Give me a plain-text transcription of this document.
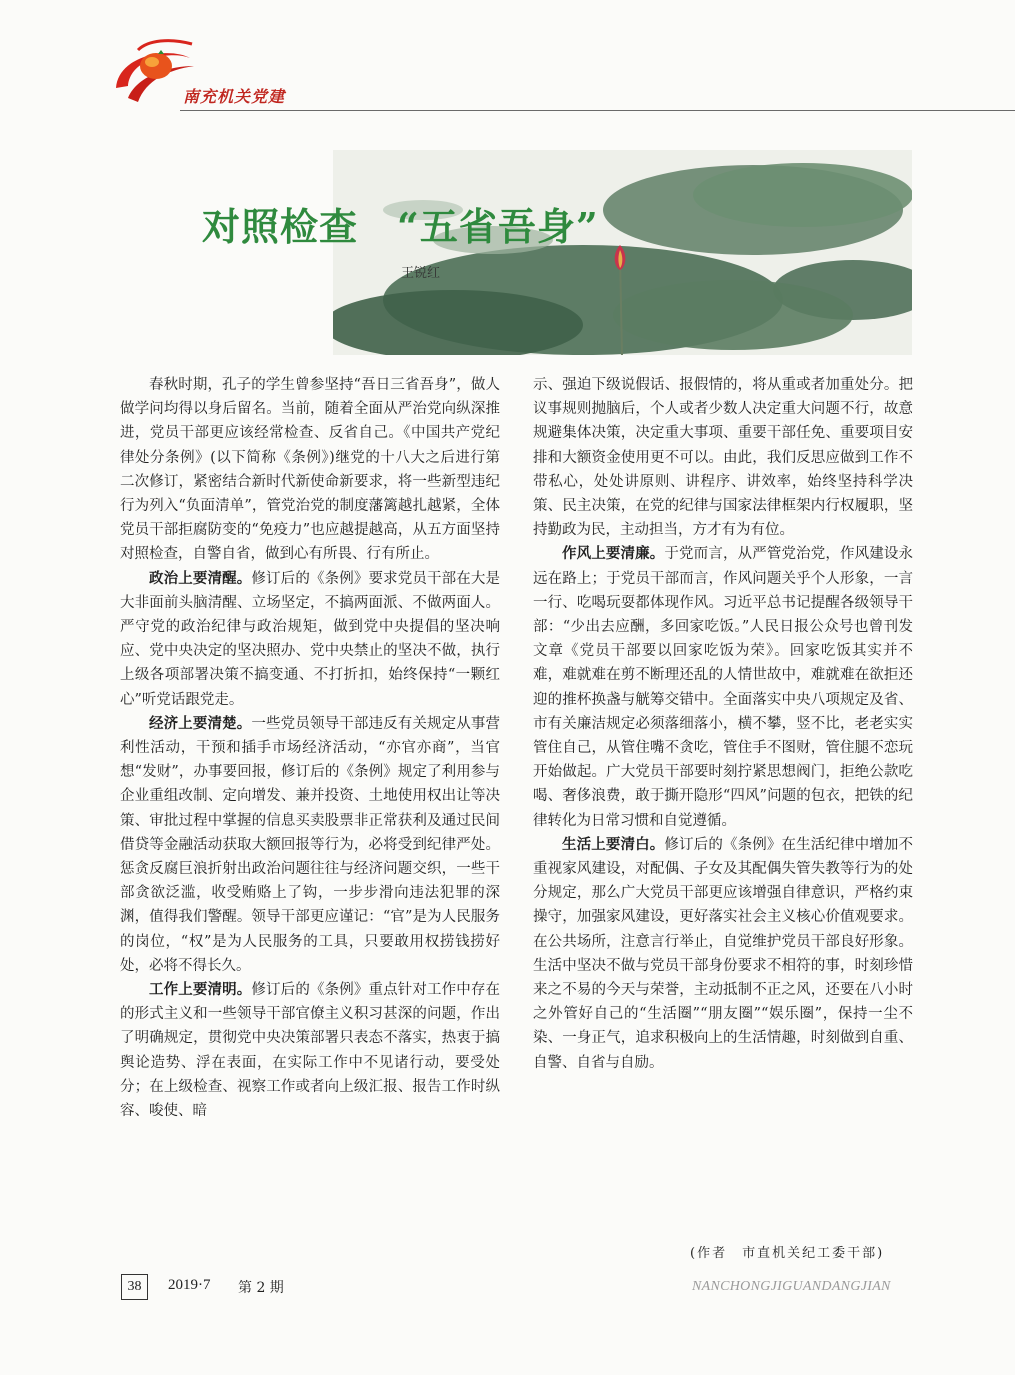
南充机关党建
对照检查　“五省吾身”
王锐红

春秋时期，孔子的学生曾参坚持“吾日三省吾身”，做人做学问均得以身后留名。当前，随着全面从严治党向纵深推进，党员干部更应该经常检查、反省自己。《中国共产党纪律处分条例》(以下简称《条例》)继党的十八大之后进行第二次修订，紧密结合新时代新使命新要求，将一些新型违纪行为列入“负面清单”，管党治党的制度藩篱越扎越紧，全体党员干部拒腐防变的“免疫力”也应越提越高，从五方面坚持对照检查，自警自省，做到心有所畏、行有所止。

政治上要清醒。修订后的《条例》要求党员干部在大是大非面前头脑清醒、立场坚定，不搞两面派、不做两面人。严守党的政治纪律与政治规矩，做到党中央提倡的坚决响应、党中央决定的坚决照办、党中央禁止的坚决不做，执行上级各项部署决策不搞变通、不打折扣，始终保持“一颗红心”听党话跟党走。

经济上要清楚。一些党员领导干部违反有关规定从事营利性活动，干预和插手市场经济活动，“亦官亦商”，当官想“发财”，办事要回报，修订后的《条例》规定了利用参与企业重组改制、定向增发、兼并投资、土地使用权出让等决策、审批过程中掌握的信息买卖股票非正常获利及通过民间借贷等金融活动获取大额回报等行为，必将受到纪律严处。惩贪反腐巨浪折射出政治问题往往与经济问题交织，一些干部贪欲泛滥，收受贿赂上了钩，一步步滑向违法犯罪的深渊，值得我们警醒。领导干部更应谨记：“官”是为人民服务的岗位，“权”是为人民服务的工具，只要敢用权捞钱捞好处，必将不得长久。

工作上要清明。修订后的《条例》重点针对工作中存在的形式主义和一些领导干部官僚主义积习甚深的问题，作出了明确规定，贯彻党中央决策部署只表态不落实，热衷于搞舆论造势、浮在表面，在实际工作中不见诸行动，要受处分；在上级检查、视察工作或者向上级汇报、报告工作时纵容、唆使、暗

示、强迫下级说假话、报假情的，将从重或者加重处分。把议事规则抛脑后，个人或者少数人决定重大问题不行，故意规避集体决策，决定重大事项、重要干部任免、重要项目安排和大额资金使用更不可以。由此，我们反思应做到工作不带私心，处处讲原则、讲程序、讲效率，始终坚持科学决策、民主决策，在党的纪律与国家法律框架内行权履职，坚持勤政为民，主动担当，方才有为有位。

作风上要清廉。于党而言，从严管党治党，作风建设永远在路上；于党员干部而言，作风问题关乎个人形象，一言一行、吃喝玩耍都体现作风。习近平总书记提醒各级领导干部：“少出去应酬，多回家吃饭。”人民日报公众号也曾刊发文章《党员干部要以回家吃饭为荣》。回家吃饭其实并不难，难就难在剪不断理还乱的人情世故中，难就难在欲拒还迎的推杯换盏与觥筹交错中。全面落实中央八项规定及省、市有关廉洁规定必须落细落小，横不攀，竖不比，老老实实管住自己，从管住嘴不贪吃，管住手不图财，管住腿不恋玩开始做起。广大党员干部要时刻拧紧思想阀门，拒绝公款吃喝、奢侈浪费，敢于撕开隐形“四风”问题的包衣，把铁的纪律转化为日常习惯和自觉遵循。

生活上要清白。修订后的《条例》在生活纪律中增加不重视家风建设，对配偶、子女及其配偶失管失教等行为的处分规定，那么广大党员干部更应该增强自律意识，严格约束操守，加强家风建设，更好落实社会主义核心价值观要求。在公共场所，注意言行举止，自觉维护党员干部良好形象。生活中坚决不做与党员干部身份要求不相符的事，时刻珍惜来之不易的今天与荣誉，主动抵制不正之风，还要在八小时之外管好自己的“生活圈”“朋友圈”“娱乐圈”，保持一尘不染、一身正气，追求积极向上的生活情趣，时刻做到自重、自警、自省与自励。

(作者　市直机关纪工委干部)
38	2019·7 第 2 期	NANCHONGJIGUANDANGJIAN
